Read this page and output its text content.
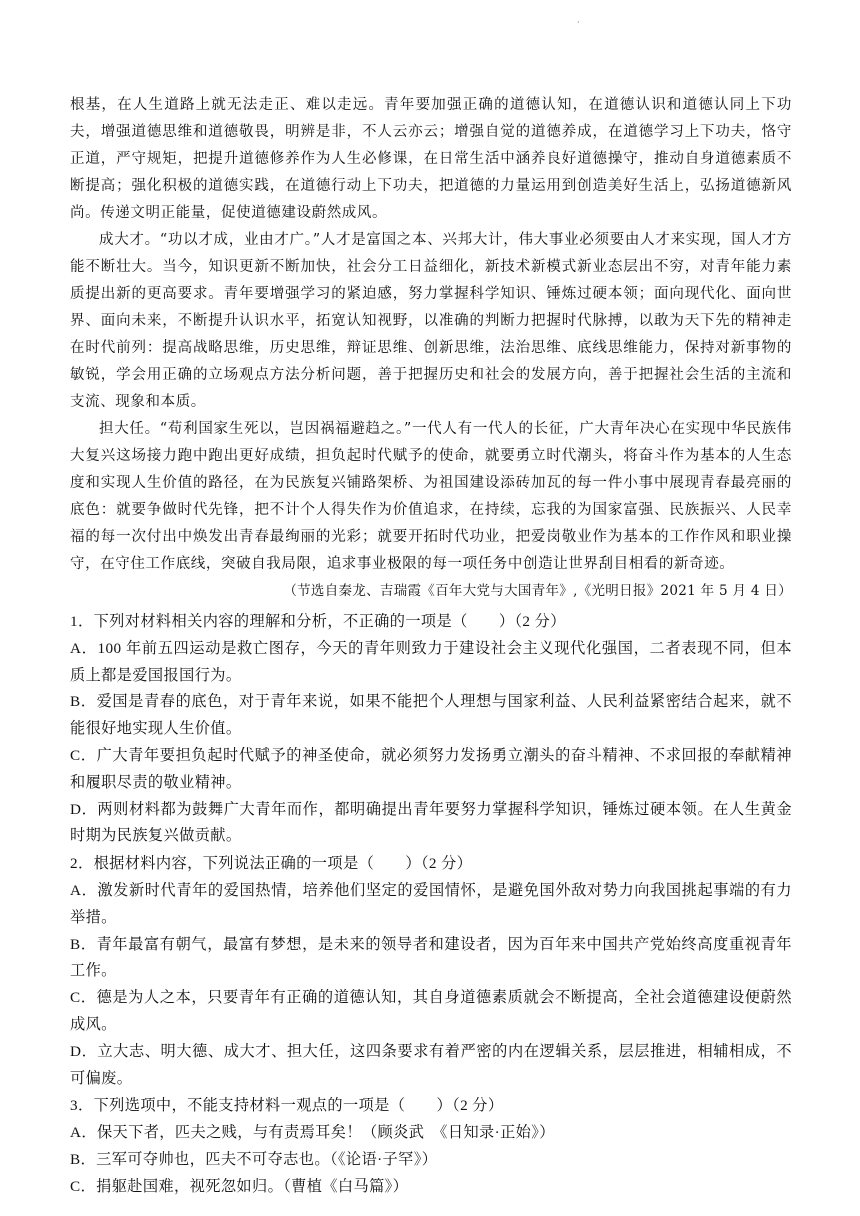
·

根基，在人生道路上就无法走正、难以走远。青年要加强正确的道德认知，在道德认识和道德认同上下功夫，增强道德思维和道德敬畏，明辨是非，不人云亦云；增强自觉的道德养成，在道德学习上下功夫，恪守正道，严守规矩，把提升道德修养作为人生必修课，在日常生活中涵养良好道德操守，推动自身道德素质不断提高；强化积极的道德实践，在道德行动上下功夫，把道德的力量运用到创造美好生活上，弘扬道德新风尚。传递文明正能量，促使道德建设蔚然成风。

成大才。“功以才成，业由才广。”人才是富国之本、兴邦大计，伟大事业必须要由人才来实现，国人才方能不断壮大。当今，知识更新不断加快，社会分工日益细化，新技术新模式新业态层出不穷，对青年能力素质提出新的更高要求。青年要增强学习的紧迫感，努力掌握科学知识、锤炼过硬本领；面向现代化、面向世界、面向未来，不断提升认识水平，拓宽认知视野，以准确的判断力把握时代脉搏，以敢为天下先的精神走在时代前列：提高战略思维，历史思维，辩证思维、创新思维，法治思维、底线思维能力，保持对新事物的敏锐，学会用正确的立场观点方法分析问题，善于把握历史和社会的发展方向，善于把握社会生活的主流和支流、现象和本质。

担大任。“苟利国家生死以，岂因祸福避趋之。”一代人有一代人的长征，广大青年决心在实现中华民族伟大复兴这场接力跑中跑出更好成绩，担负起时代赋予的使命，就要勇立时代潮头，将奋斗作为基本的人生态度和实现人生价值的路径，在为民族复兴铺路架桥、为祖国建设添砖加瓦的每一件小事中展现青春最亮丽的底色：就要争做时代先锋，把不计个人得失作为价值追求，在持续，忘我的为国家富强、民族振兴、人民幸福的每一次付出中焕发出青春最绚丽的光彩；就要开拓时代功业，把爱岗敬业作为基本的工作作风和职业操守，在守住工作底线，突破自我局限，追求事业极限的每一项任务中创造让世界刮目相看的新奇迹。

（节选自秦龙、吉瑞霞《百年大党与大国青年》,《光明日报》2021 年 5 月 4 日）

1．下列对材料相关内容的理解和分析，不正确的一项是（　　）（2 分）

A．100 年前五四运动是救亡图存，今天的青年则致力于建设社会主义现代化强国，二者表现不同，但本质上都是爱国报国行为。

B．爱国是青春的底色，对于青年来说，如果不能把个人理想与国家利益、人民利益紧密结合起来，就不能很好地实现人生价值。

C．广大青年要担负起时代赋予的神圣使命，就必须努力发扬勇立潮头的奋斗精神、不求回报的奉献精神和履职尽责的敬业精神。

D．两则材料都为鼓舞广大青年而作，都明确提出青年要努力掌握科学知识，锤炼过硬本领。在人生黄金时期为民族复兴做贡献。

2．根据材料内容，下列说法正确的一项是（　　）（2 分）

A．激发新时代青年的爱国热情，培养他们坚定的爱国情怀，是避免国外敌对势力向我国挑起事端的有力举措。

B．青年最富有朝气，最富有梦想，是未来的领导者和建设者，因为百年来中国共产党始终高度重视青年工作。

C．德是为人之本，只要青年有正确的道德认知，其自身道德素质就会不断提高，全社会道德建设便蔚然成风。

D．立大志、明大德、成大才、担大任，这四条要求有着严密的内在逻辑关系，层层推进，相辅相成，不可偏废。

3．下列选项中，不能支持材料一观点的一项是（　　）（2 分）

A．保天下者，匹夫之贱，与有责焉耳矣！（顾炎武　《日知录·正始》）

B．三军可夺帅也，匹夫不可夺志也。（《论语·子罕》）

C．捐躯赴国难，视死忽如归。（曹植《白马篇》）
